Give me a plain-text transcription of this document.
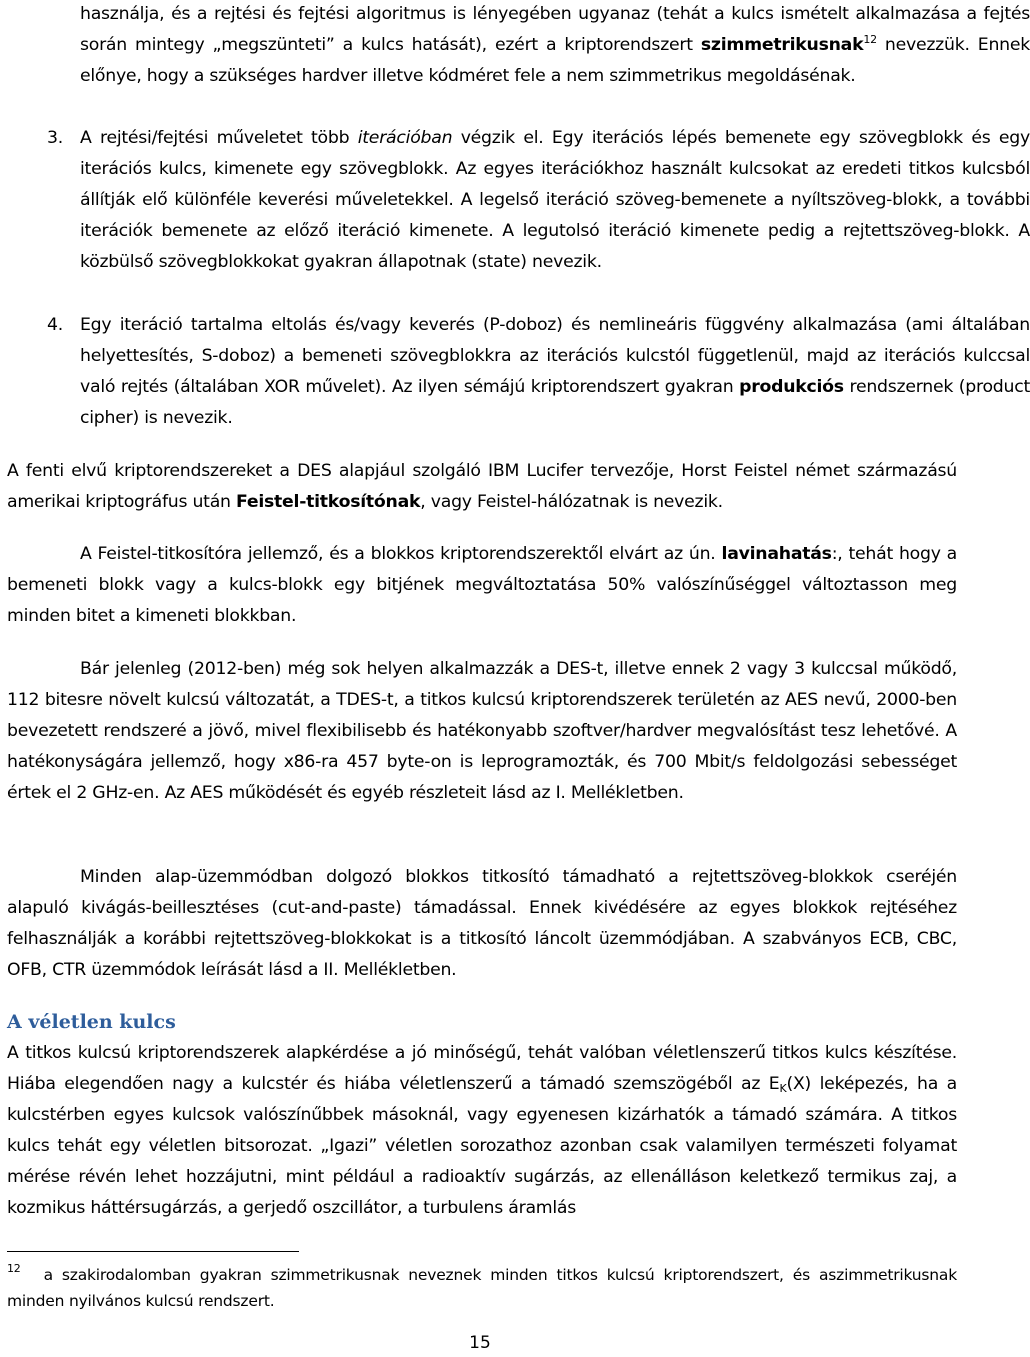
használja, és a rejtési és fejtési algoritmus is lényegében ugyanaz (tehát a kulcs ismételt alkalmazása a fejtés során mintegy „megszünteti” a kulcs hatását), ezért a kriptorendszert szimmetrikusnak$^{12}$ nevezzük. Ennek előnye, hogy a szükséges hardver illetve kódméret fele a nem szimmetrikus megoldásénak.

3. A rejtési/fejtési műveletet több iterációban végzik el. Egy iterációs lépés bemenete egy szövegblokk és egy iterációs kulcs, kimenete egy szövegblokk. Az egyes iterációkhoz használt kulcsokat az eredeti titkos kulcsból állítják elő különféle keverési műveletekkel. A legelső iteráció szöveg-bemenete a nyíltszöveg-blokk, a további iterációk bemenete az előző iteráció kimenete. A legutolsó iteráció kimenete pedig a rejtettszöveg-blokk. A közbülső szövegblokkokat gyakran állapotnak (state) nevezik.
4. Egy iteráció tartalma eltolás és/vagy keverés (P-doboz) és nemlineáris függvény alkalmazása (ami általában helyettesítés, S-doboz) a bemeneti szövegblokkra az iterációs kulcstól függetlenül, majd az iterációs kulccsal való rejtés (általában XOR művelet). Az ilyen sémájú kriptorendszert gyakran produkciós rendszernek (product cipher) is nevezik.

A fenti elvű kriptorendszereket a DES alapjául szolgáló IBM Lucifer tervezője, Horst Feistel német származású amerikai kriptográfus után Feistel-titkosítónak, vagy Feistel-hálózatnak is nevezik.

A Feistel-titkosítóra jellemző, és a blokkos kriptorendszerektől elvárt az ún. lavinahatás:, tehát hogy a bemeneti blokk vagy a kulcs-blokk egy bitjének megváltoztatása 50% valószínűséggel változtasson meg minden bitet a kimeneti blokkban.

Bár jelenleg (2012-ben) még sok helyen alkalmazzák a DES-t, illetve ennek 2 vagy 3 kulccsal működő, 112 bitesre növelt kulcsú változatát, a TDES-t, a titkos kulcsú kriptorendszerek területén az AES nevű, 2000-ben bevezetett rendszeré a jövő, mivel flexibilisebb és hatékonyabb szoftver/hardver megvalósítást tesz lehetővé. A hatékonyságára jellemző, hogy x86-ra 457 byte-on is leprogramozták, és 700 Mbit/s feldolgozási sebességet értek el 2 GHz-en. Az AES működését és egyéb részleteit lásd az I. Mellékletben.

Minden alap-üzemmódban dolgozó blokkos titkosító támadható a rejtettszöveg-blokkok cseréjén alapuló kivágás-beillesztéses (cut-and-paste) támadással. Ennek kivédésére az egyes blokkok rejtéséhez felhasználják a korábbi rejtettszöveg-blokkokat is a titkosító láncolt üzemmódjában. A szabványos ECB, CBC, OFB, CTR üzemmódok leírását lásd a II. Mellékletben.

A véletlen kulcs

A titkos kulcsú kriptorendszerek alapkérdése a jó minőségű, tehát valóban véletlenszerű titkos kulcs készítése. Hiába elegendően nagy a kulcstér és hiába véletlenszerű a támadó szemszögéből az $E_K(X)$ leképezés, ha a kulcstérben egyes kulcsok valószínűbbek másoknál, vagy egyenesen kizárhatók a támadó számára. A titkos kulcs tehát egy véletlen bitsorozat. „Igazi” véletlen sorozathoz azonban csak valamilyen természeti folyamat mérése révén lehet hozzájutni, mint például a radioaktív sugárzás, az ellenálláson keletkező termikus zaj, a kozmikus háttérsugárzás, a gerjedő oszcillátor, a turbulens áramlás

$^{12}$ a szakirodalomban gyakran szimmetrikusnak neveznek minden titkos kulcsú kriptorendszert, és aszimmetrikusnak minden nyilvános kulcsú rendszert.

15
